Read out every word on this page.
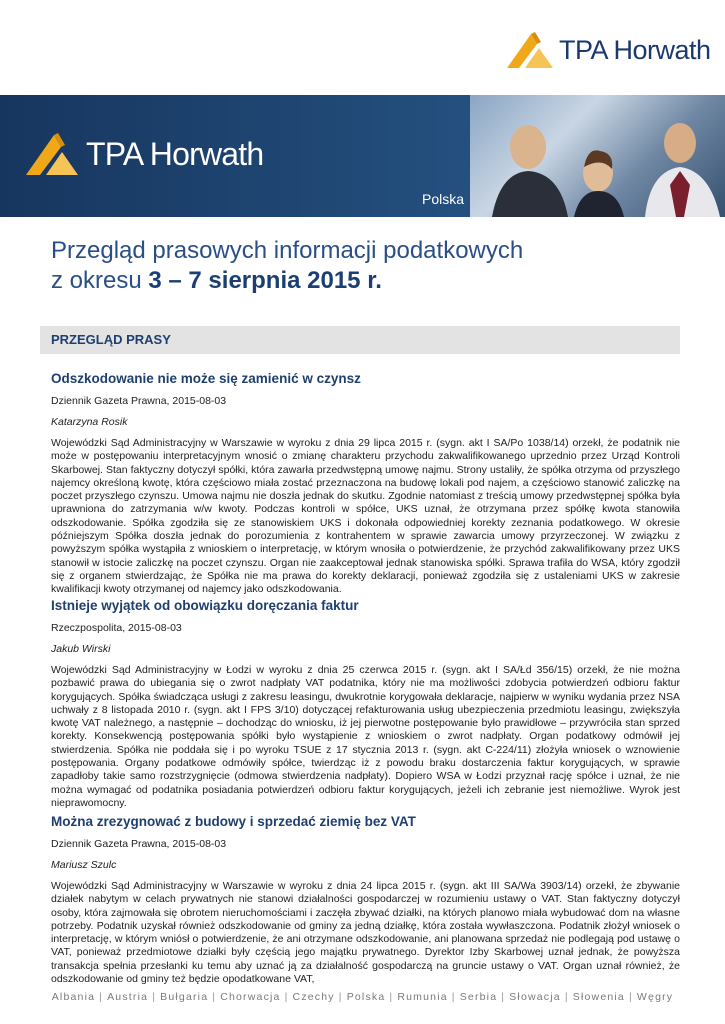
TPA Horwath
TPA Horwath
Polska
Przegląd prasowych informacji podatkowych
z okresu 3 – 7 sierpnia 2015 r.
PRZEGLĄD PRASY
Odszkodowanie nie może się zamienić w czynsz
Dziennik Gazeta Prawna, 2015-08-03
Katarzyna Rosik

Wojewódzki Sąd Administracyjny w Warszawie w wyroku z dnia 29 lipca 2015 r. (sygn. akt I SA/Po 1038/14) orzekł, że podatnik nie może w postępowaniu interpretacyjnym wnosić o zmianę charakteru przychodu zakwalifikowanego uprzednio przez Urząd Kontroli Skarbowej. Stan faktyczny dotyczył spółki, która zawarła przedwstępną umowę najmu. Strony ustaliły, że spółka otrzyma od przyszłego najemcy określoną kwotę, która częściowo miała zostać przeznaczona na budowę lokali pod najem, a częściowo stanowić zaliczkę na poczet przyszłego czynszu. Umowa najmu nie doszła jednak do skutku. Zgodnie natomiast z treścią umowy przedwstępnej spółka była uprawniona do zatrzymania w/w kwoty. Podczas kontroli w spółce, UKS uznał, że otrzymana przez spółkę kwota stanowiła odszkodowanie. Spółka zgodziła się ze stanowiskiem UKS i dokonała odpowiedniej korekty zeznania podatkowego. W okresie późniejszym Spółka doszła jednak do porozumienia z kontrahentem w sprawie zawarcia umowy przyrzeczonej. W związku z powyższym spółka wystąpiła z wnioskiem o interpretację, w którym wnosiła o potwierdzenie, że przychód zakwalifikowany przez UKS stanowił w istocie zaliczkę na poczet czynszu. Organ nie zaakceptował jednak stanowiska spółki. Sprawa trafiła do WSA, który zgodził się z organem stwierdzając, że Spółka nie ma prawa do korekty deklaracji, ponieważ zgodziła się z ustaleniami UKS w zakresie kwalifikacji kwoty otrzymanej od najemcy jako odszkodowania.

Istnieje wyjątek od obowiązku doręczania faktur
Rzeczpospolita, 2015-08-03
Jakub Wirski

Wojewódzki Sąd Administracyjny w Łodzi w wyroku z dnia 25 czerwca 2015 r. (sygn. akt I SA/Łd 356/15) orzekł, że nie można pozbawić prawa do ubiegania się o zwrot nadpłaty VAT podatnika, który nie ma możliwości zdobycia potwierdzeń odbioru faktur korygujących. Spółka świadcząca usługi z zakresu leasingu, dwukrotnie korygowała deklaracje, najpierw w wyniku wydania przez NSA uchwały z 8 listopada 2010 r. (sygn. akt I FPS 3/10) dotyczącej refakturowania usług ubezpieczenia przedmiotu leasingu, zwiększyła kwotę VAT należnego, a następnie – dochodząc do wniosku, iż jej pierwotne postępowanie było prawidłowe – przywróciła stan sprzed korekty. Konsekwencją postępowania spółki było wystąpienie z wnioskiem o zwrot nadpłaty. Organ podatkowy odmówił jej stwierdzenia. Spółka nie poddała się i po wyroku TSUE z 17 stycznia 2013 r. (sygn. akt C-224/11) złożyła wniosek o wznowienie postępowania. Organy podatkowe odmówiły spółce, twierdząc iż z powodu braku dostarczenia faktur korygujących, w sprawie zapadłoby takie samo rozstrzygnięcie (odmowa stwierdzenia nadpłaty). Dopiero WSA w Łodzi przyznał rację spółce i uznał, że nie można wymagać od podatnika posiadania potwierdzeń odbioru faktur korygujących, jeżeli ich zebranie jest niemożliwe. Wyrok jest nieprawomocny.

Można zrezygnować z budowy i sprzedać ziemię bez VAT
Dziennik Gazeta Prawna, 2015-08-03
Mariusz Szulc

Wojewódzki Sąd Administracyjny w Warszawie w wyroku z dnia 24 lipca 2015 r. (sygn. akt III SA/Wa 3903/14) orzekł, że zbywanie działek nabytym w celach prywatnych nie stanowi działalności gospodarczej w rozumieniu ustawy o VAT. Stan faktyczny dotyczył osoby, która zajmowała się obrotem nieruchomościami i zaczęła zbywać działki, na których planowo miała wybudować dom na własne potrzeby. Podatnik uzyskał również odszkodowanie od gminy za jedną działkę, która została wywłaszczona. Podatnik złożył wniosek o interpretację, w którym wniósł o potwierdzenie, że ani otrzymane odszkodowanie, ani planowana sprzedaż nie podlegają pod ustawę o VAT, ponieważ przedmiotowe działki były częścią jego majątku prywatnego. Dyrektor Izby Skarbowej uznał jednak, że powyższa transakcja spełnia przesłanki ku temu aby uznać ją za działalność gospodarczą na gruncie ustawy o VAT. Organ uznał również, że odszkodowanie od gminy też będzie opodatkowane VAT,

Albania | Austria | Bułgaria | Chorwacja | Czechy | Polska | Rumunia | Serbia | Słowacja | Słowenia | Węgry
